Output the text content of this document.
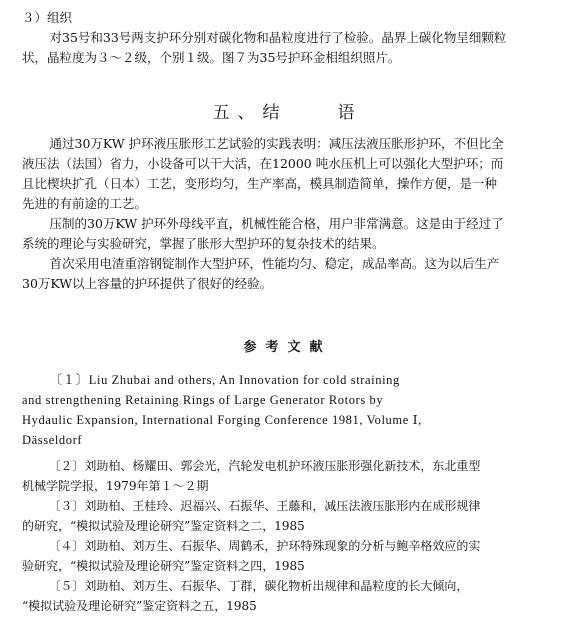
３）组织
对35号和33号两支护环分别对碳化物和晶粒度进行了检验。晶界上碳化物呈细颗粒
状，晶粒度为３～２级，个别１级。图７为35号护环金相组织照片。
五、结　　语
通过30万KW 护环液压胀形工艺试验的实践表明：减压法液压胀形护环，不但比全
液压法（法国）省力，小设备可以干大活，在12000 吨水压机上可以强化大型护环；而
且比楔块扩孔（日本）工艺，变形均匀，生产率高，模具制造简单，操作方便，是一种
先进的有前途的工艺。
压制的30万KW 护环外母线平直，机械性能合格，用户非常满意。这是由于经过了
系统的理论与实验研究，掌握了胀形大型护环的复杂技术的结果。
首次采用电渣重溶钢锭制作大型护环，性能均匀、稳定，成品率高。这为以后生产
30万KW以上容量的护环提供了很好的经验。
参考文献
〔１〕Liu Zhubai and others, An Innovation for cold straining
and strengthening Retaining Rings of Large Generator Rotors by
Hydaulic Expansion, International Forging Conference 1981, Volume Ⅰ,
Dässeldorf
〔２〕刘助柏、杨耀田、郭会光，汽轮发电机护环液压胀形强化新技术，东北重型
机械学院学报，1979年第１～２期
〔３〕刘助柏、王桂玲、迟福兴、石振华、王藤和，减压法液压胀形内在成形规律
的研究，“模拟试验及理论研究”鉴定资料之二，1985
〔４〕刘助柏、刘万生、石振华、周鹤禾，护环特殊现象的分析与鲍辛格效应的实
验研究，“模拟试验及理论研究”鉴定资料之四，1985
〔５〕刘助柏、刘万生、石振华、丁群，碳化物析出规律和晶粒度的长大倾向，
“模拟试验及理论研究”鉴定资料之五，1985
